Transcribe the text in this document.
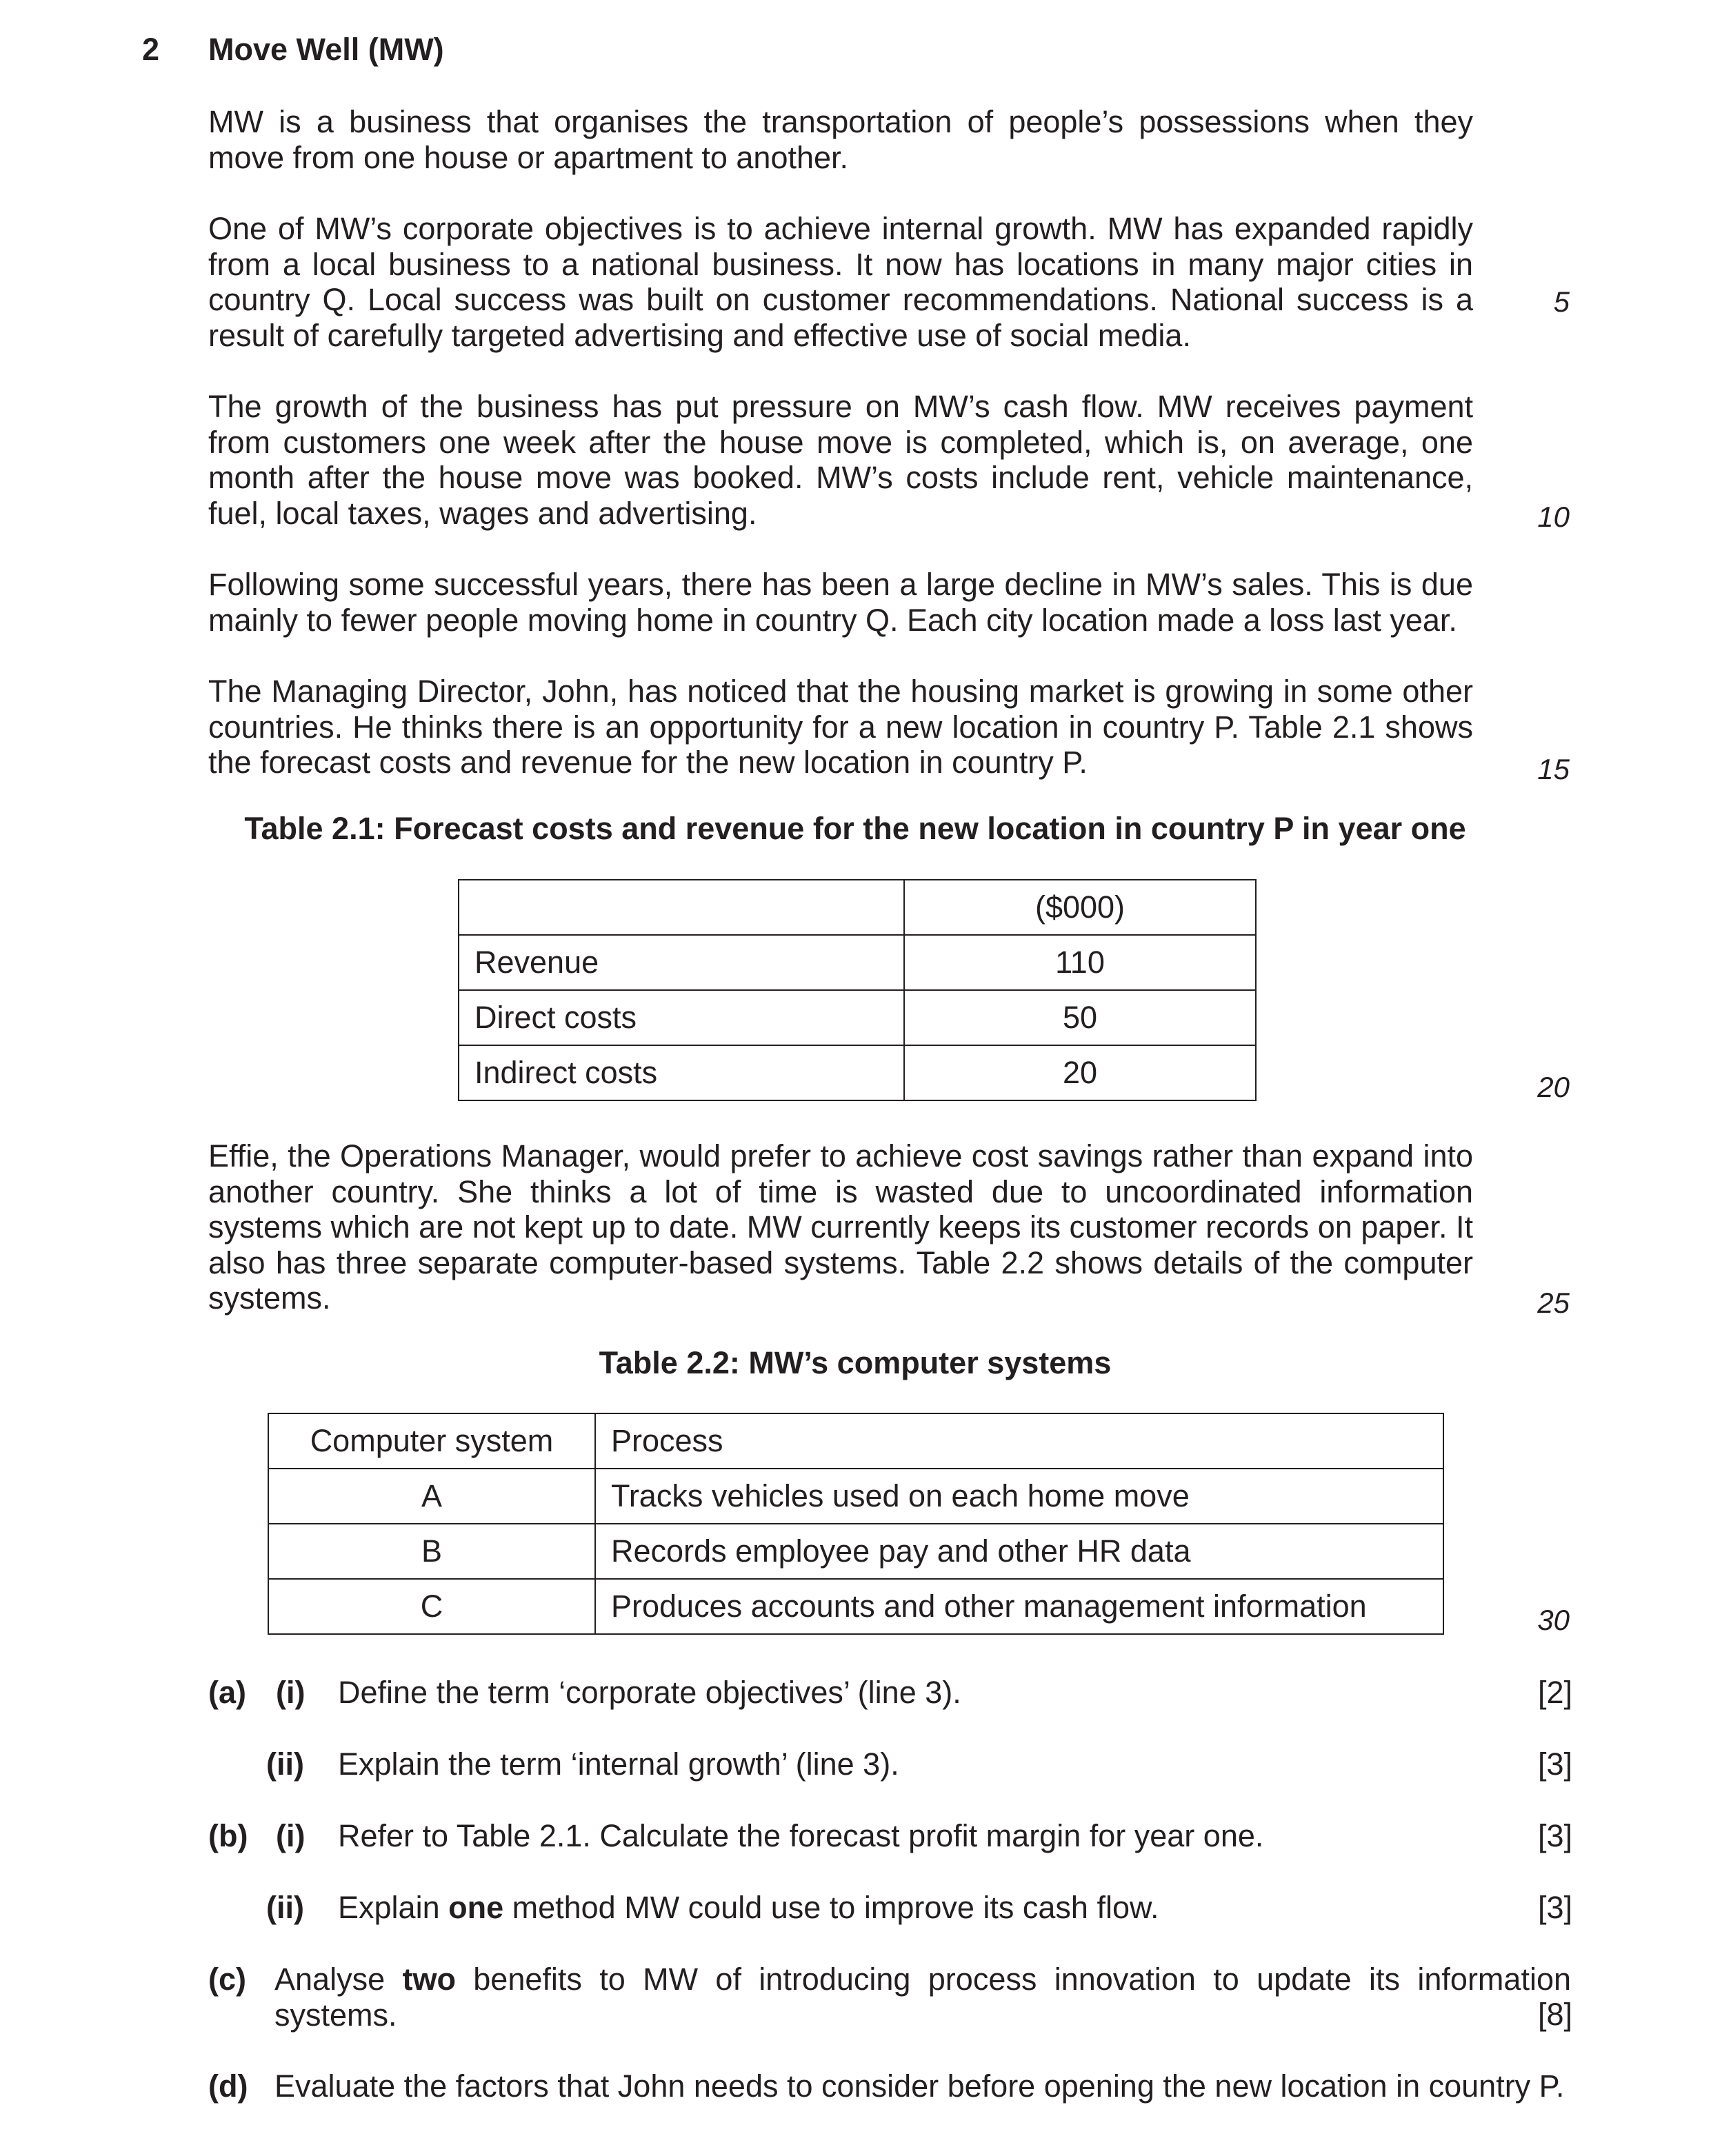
2 Move Well (MW)
MW is a business that organises the transportation of people’s possessions when they move from one house or apartment to another.
One of MW’s corporate objectives is to achieve internal growth. MW has expanded rapidly from a local business to a national business. It now has locations in many major cities in country Q. Local success was built on customer recommendations. National success is a result of carefully targeted advertising and effective use of social media.
The growth of the business has put pressure on MW’s cash flow. MW receives payment from customers one week after the house move is completed, which is, on average, one month after the house move was booked. MW’s costs include rent, vehicle maintenance, fuel, local taxes, wages and advertising.
Following some successful years, there has been a large decline in MW’s sales. This is due mainly to fewer people moving home in country Q. Each city location made a loss last year.
The Managing Director, John, has noticed that the housing market is growing in some other countries. He thinks there is an opportunity for a new location in country P. Table 2.1 shows the forecast costs and revenue for the new location in country P.
5
10
15
20
25
30
Table 2.1: Forecast costs and revenue for the new location in country P in year one
	($000)
Revenue	110
Direct costs	50
Indirect costs	20
Effie, the Operations Manager, would prefer to achieve cost savings rather than expand into another country. She thinks a lot of time is wasted due to uncoordinated information systems which are not kept up to date. MW currently keeps its customer records on paper. It also has three separate computer-based systems. Table 2.2 shows details of the computer systems.
Table 2.2: MW’s computer systems
Computer system	Process
A	Tracks vehicles used on each home move
B	Records employee pay and other HR data
C	Produces accounts and other management information
(a) (i) Define the term ‘corporate objectives’ (line 3).	[2]
(ii) Explain the term ‘internal growth’ (line 3).	[3]
(b) (i) Refer to Table 2.1. Calculate the forecast profit margin for year one.	[3]
(ii) Explain one method MW could use to improve its cash flow.	[3]
(c) Analyse two benefits to MW of introducing process innovation to update its information systems.	[8]
(d) Evaluate the factors that John needs to consider before opening the new location in country P.
